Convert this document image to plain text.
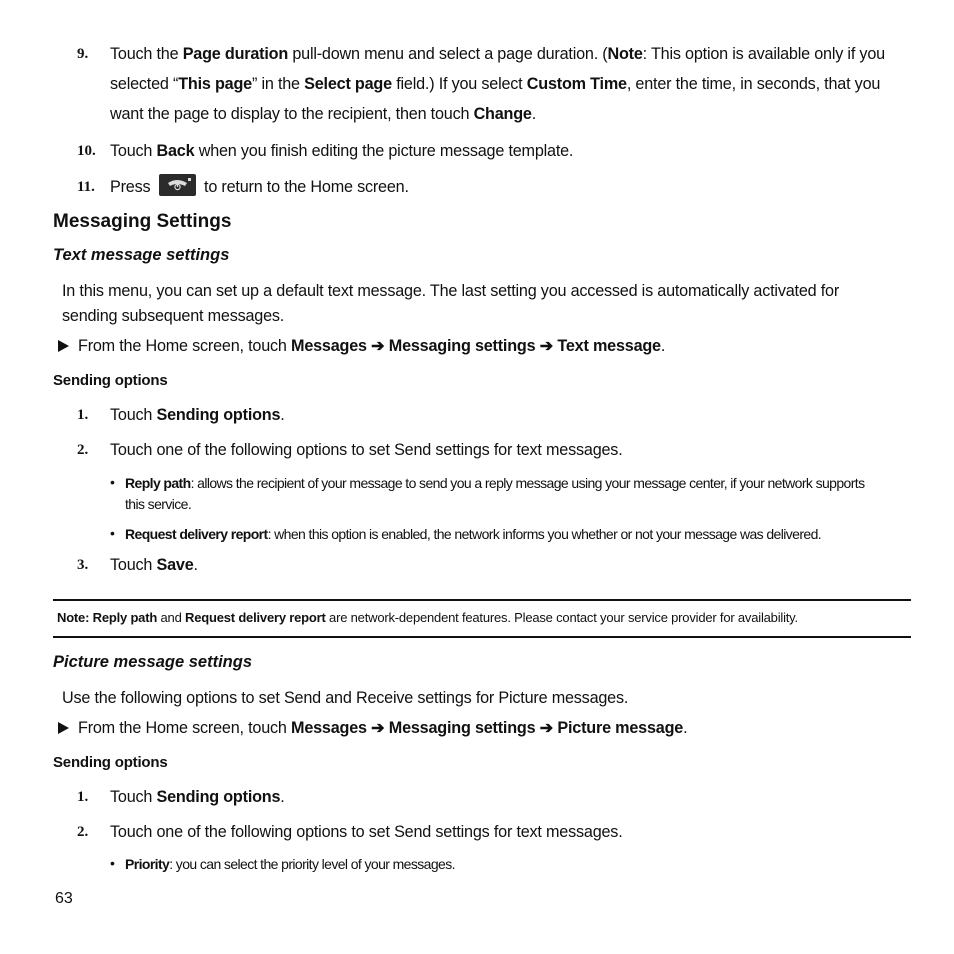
9. Touch the Page duration pull-down menu and select a page duration. (Note: This option is available only if you
selected “This page” in the Select page field.) If you select Custom Time, enter the time, in seconds, that you
want the page to display to the recipient, then touch Change.
10. Touch Back when you finish editing the picture message template.
11. Press	to return to the Home screen.
Messaging Settings
Text message settings
In this menu, you can set up a default text message. The last setting you accessed is automatically activated for
sending subsequent messages.
From the Home screen, touch Messages ➔ Messaging settings ➔ Text message.
Sending options
1. Touch Sending options.
2. Touch one of the following options to set Send settings for text messages.
• Reply path: allows the recipient of your message to send you a reply message using your message center, if your network supports
this service.
• Request delivery report: when this option is enabled, the network informs you whether or not your message was delivered.
3. Touch Save.
Note: Reply path and Request delivery report are network-dependent features. Please contact your service provider for availability.
Picture message settings
Use the following options to set Send and Receive settings for Picture messages.
From the Home screen, touch Messages ➔ Messaging settings ➔ Picture message.
Sending options
1. Touch Sending options.
2. Touch one of the following options to set Send settings for text messages.
• Priority: you can select the priority level of your messages.
63
